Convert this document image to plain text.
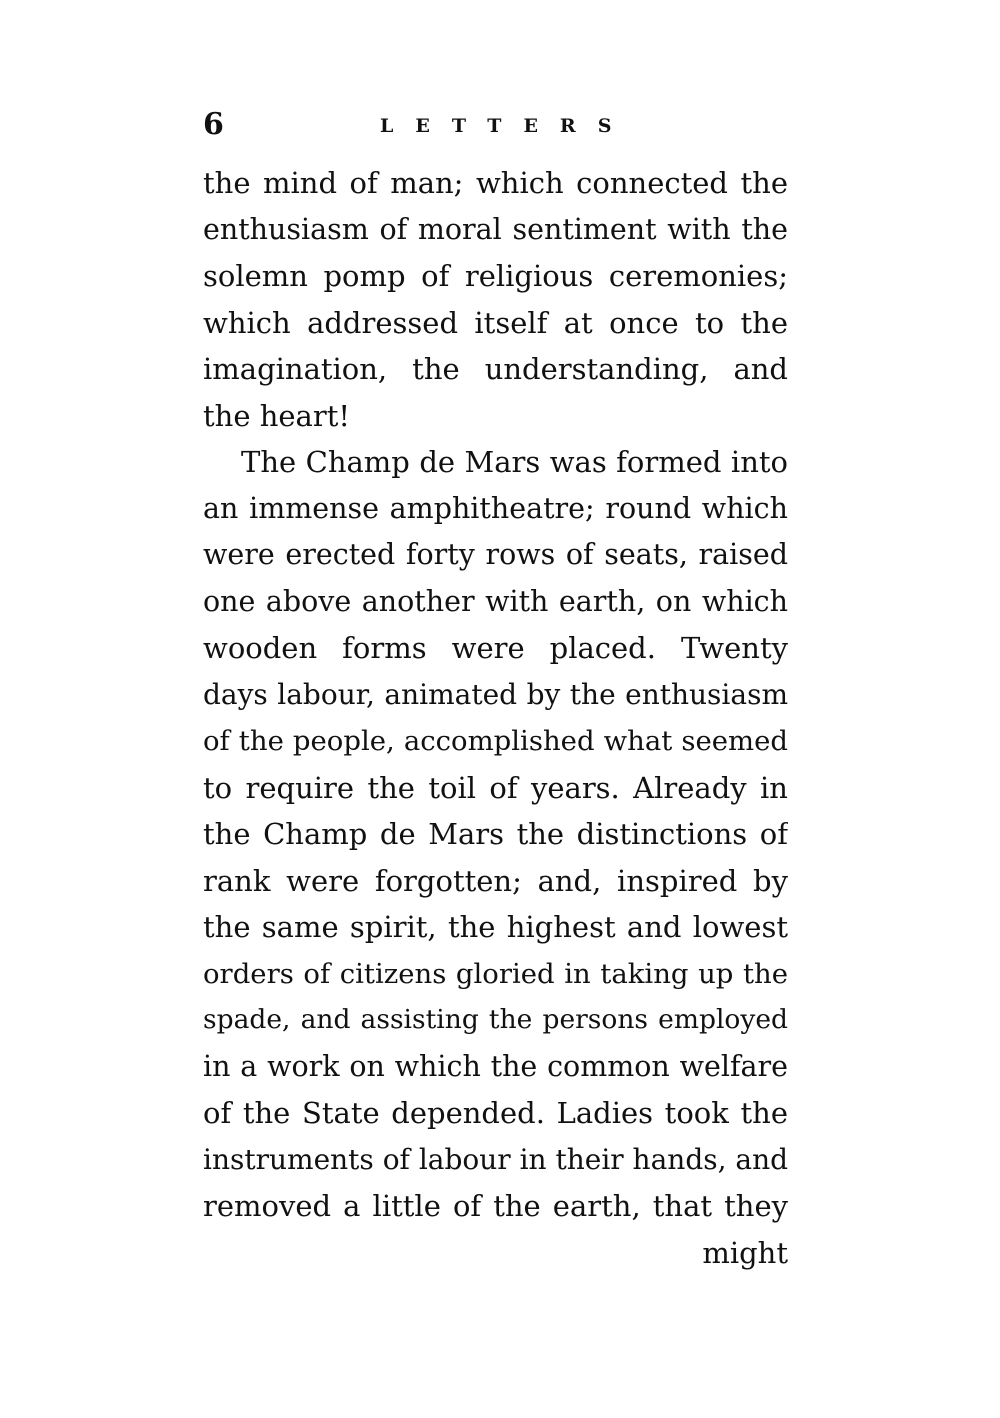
6	LETTERS
the mind of man; which connected the
enthusiasm of moral sentiment with the
solemn pomp of religious ceremonies;
which addressed itself at once to the
imagination, the understanding, and
the heart!
The Champ de Mars was formed into
an immense amphitheatre; round which
were erected forty rows of seats, raised
one above another with earth, on which
wooden forms were placed. Twenty
days labour, animated by the enthusiasm
of the people, accomplished what seemed
to require the toil of years. Already in
the Champ de Mars the distinctions of
rank were forgotten; and, inspired by
the same spirit, the highest and lowest
orders of citizens gloried in taking up the
spade, and assisting the persons employed
in a work on which the common welfare
of the State depended. Ladies took the
instruments of labour in their hands, and
removed a little of the earth, that they
might
